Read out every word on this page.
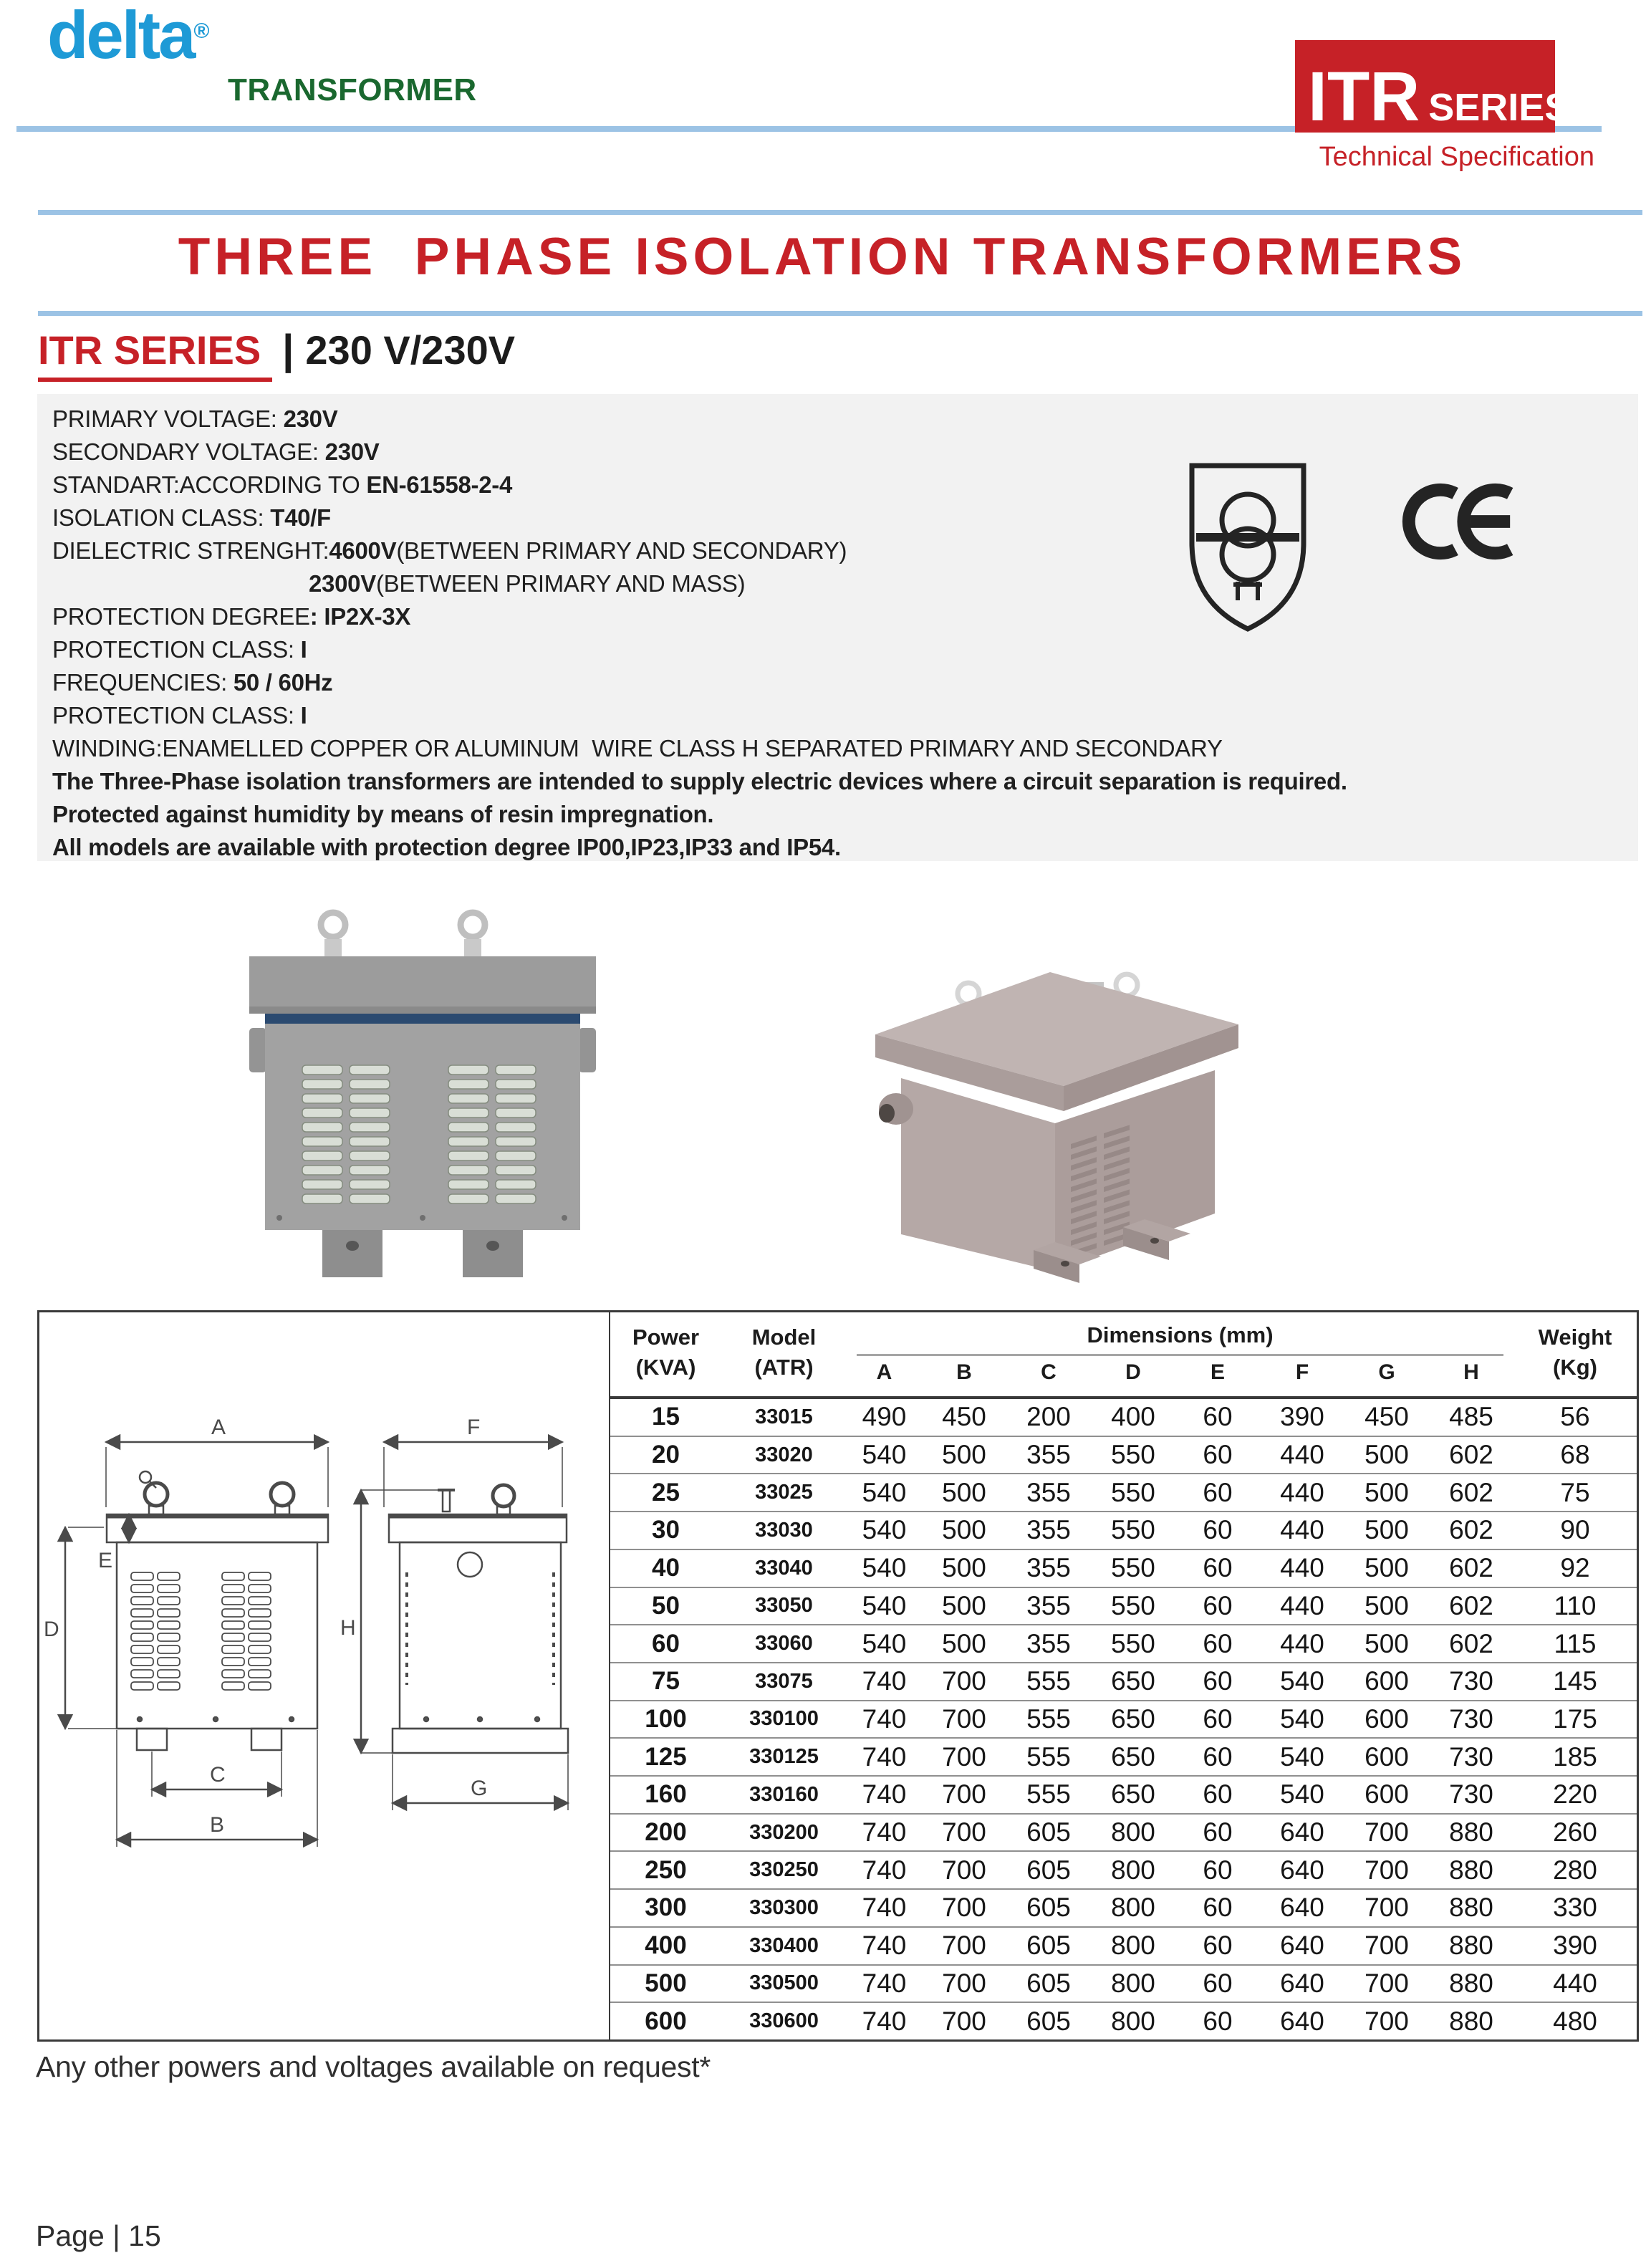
delta®
TRANSFORMER	ITR SERIES
Technical Specification
THREE  PHASE ISOLATION TRANSFORMERS
ITR SERIES | 230 V/230V
PRIMARY VOLTAGE: 230V
SECONDARY VOLTAGE: 230V
STANDART:ACCORDING TO EN-61558-2-4
ISOLATION CLASS: T40/F
DIELECTRIC STRENGHT:4600V(BETWEEN PRIMARY AND SECONDARY)
2300V(BETWEEN PRIMARY AND MASS)
PROTECTION DEGREE: IP2X-3X
PROTECTION CLASS: I
FREQUENCIES: 50 / 60Hz
PROTECTION CLASS: I
WINDING:ENAMELLED COPPER OR ALUMINUM  WIRE CLASS H SEPARATED PRIMARY AND SECONDARY
The Three-Phase isolation transformers are intended to supply electric devices where a circuit separation is required.
Protected against humidity by means of resin impregnation.
All models are available with protection degree IP00,IP23,IP33 and IP54.
A
E
D
C
B
F
H
G
Power
(KVA)
Model
(ATR)
Dimensions (mm)
A	B	C	D	E	F	G	H
Weight
(Kg)
15	33015	490	450	200	400	60	390	450	485	56
20	33020	540	500	355	550	60	440	500	602	68
25	33025	540	500	355	550	60	440	500	602	75
30	33030	540	500	355	550	60	440	500	602	90
40	33040	540	500	355	550	60	440	500	602	92
50	33050	540	500	355	550	60	440	500	602	110
60	33060	540	500	355	550	60	440	500	602	115
75	33075	740	700	555	650	60	540	600	730	145
100	330100	740	700	555	650	60	540	600	730	175
125	330125	740	700	555	650	60	540	600	730	185
160	330160	740	700	555	650	60	540	600	730	220
200	330200	740	700	605	800	60	640	700	880	260
250	330250	740	700	605	800	60	640	700	880	280
300	330300	740	700	605	800	60	640	700	880	330
400	330400	740	700	605	800	60	640	700	880	390
500	330500	740	700	605	800	60	640	700	880	440
600	330600	740	700	605	800	60	640	700	880	480
Any other powers and voltages available on request*
Page | 15
